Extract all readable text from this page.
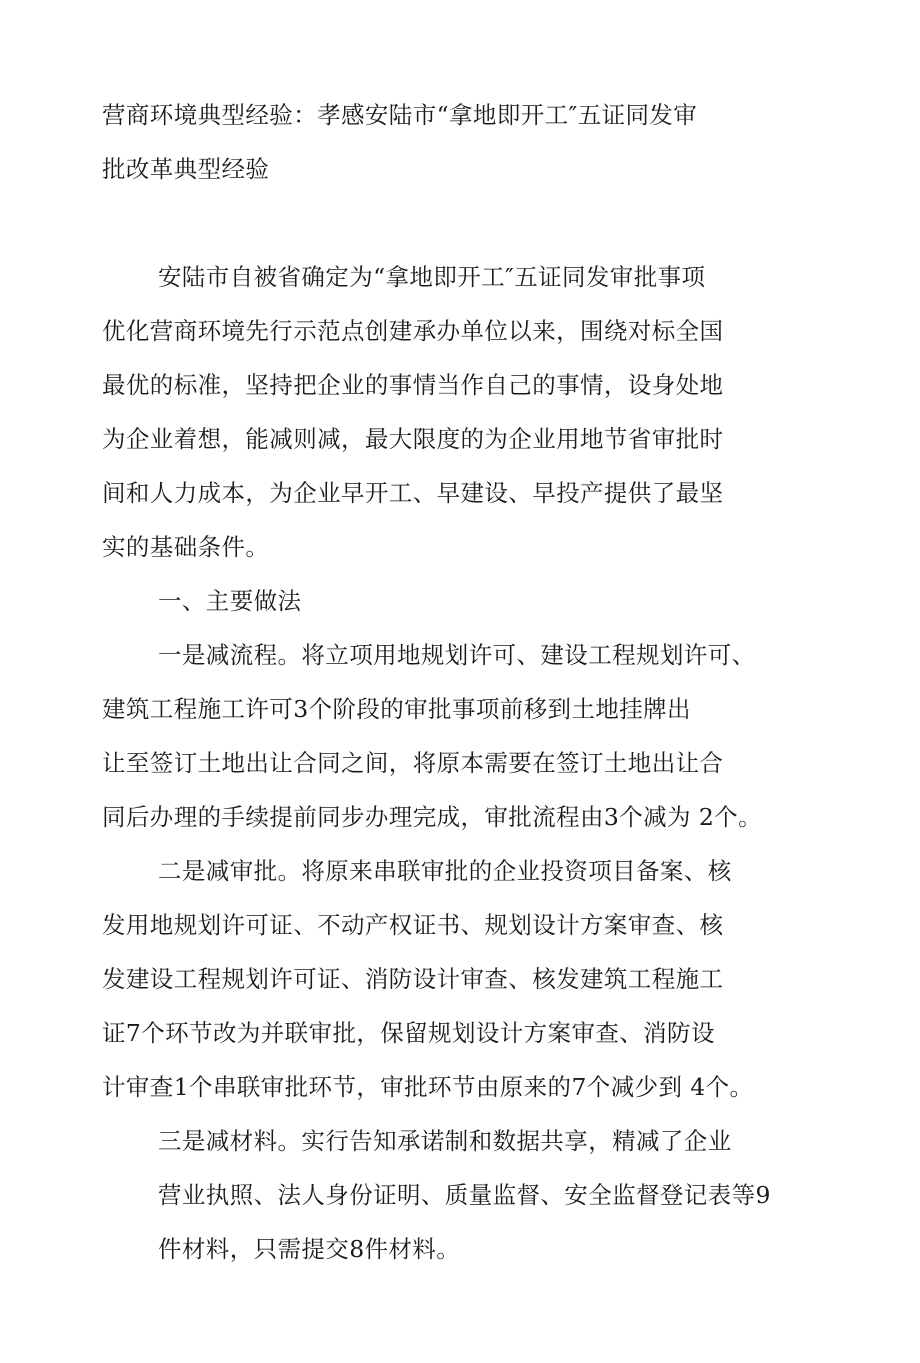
营商环境典型经验：孝感安陆市“拿地即开工″五证同发审
批改革典型经验
安陆市自被省确定为“拿地即开工″五证同发审批事项
优化营商环境先行示范点创建承办单位以来，围绕对标全国
最优的标准，坚持把企业的事情当作自己的事情，设身处地
为企业着想，能减则减，最大限度的为企业用地节省审批时
间和人力成本，为企业早开工、早建设、早投产提供了最坚
实的基础条件。
一、主要做法
一是减流程。将立项用地规划许可、建设工程规划许可、
建筑工程施工许可3个阶段的审批事项前移到土地挂牌出
让至签订土地出让合同之间，将原本需要在签订土地出让合
同后办理的手续提前同步办理完成，审批流程由3个减为 2个。
二是减审批。将原来串联审批的企业投资项目备案、核
发用地规划许可证、不动产权证书、规划设计方案审查、核
发建设工程规划许可证、消防设计审查、核发建筑工程施工
证7个环节改为并联审批，保留规划设计方案审查、消防设
计审查1个串联审批环节，审批环节由原来的7个减少到 4个。
三是减材料。实行告知承诺制和数据共享，精减了企业
营业执照、法人身份证明、质量监督、安全监督登记表等9
件材料，只需提交8件材料。
